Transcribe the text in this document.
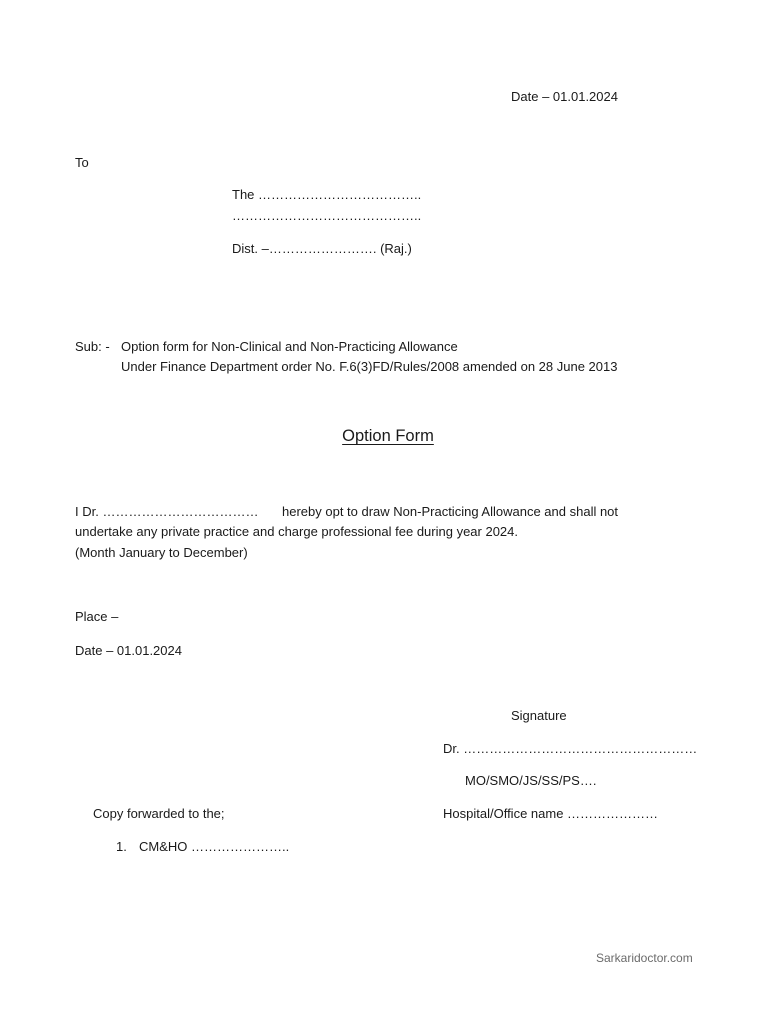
Date – 01.01.2024
To
The ………………………………..
……………………………………..
Dist. –……………………. (Raj.)
Sub: - Option form for Non-Clinical and Non-Practicing Allowance
Under Finance Department order No. F.6(3)FD/Rules/2008 amended on 28 June 2013
Option Form
I Dr. ……………………………… hereby opt to draw Non-Practicing Allowance and shall not
undertake any private practice and charge professional fee during year 2024.
(Month January to December)
Place –
Date – 01.01.2024
Signature
Dr. ………………………………………………
MO/SMO/JS/SS/PS….
Hospital/Office name …………………
Copy forwarded to the;
1. CM&HO …………………..
Sarkaridoctor.com
